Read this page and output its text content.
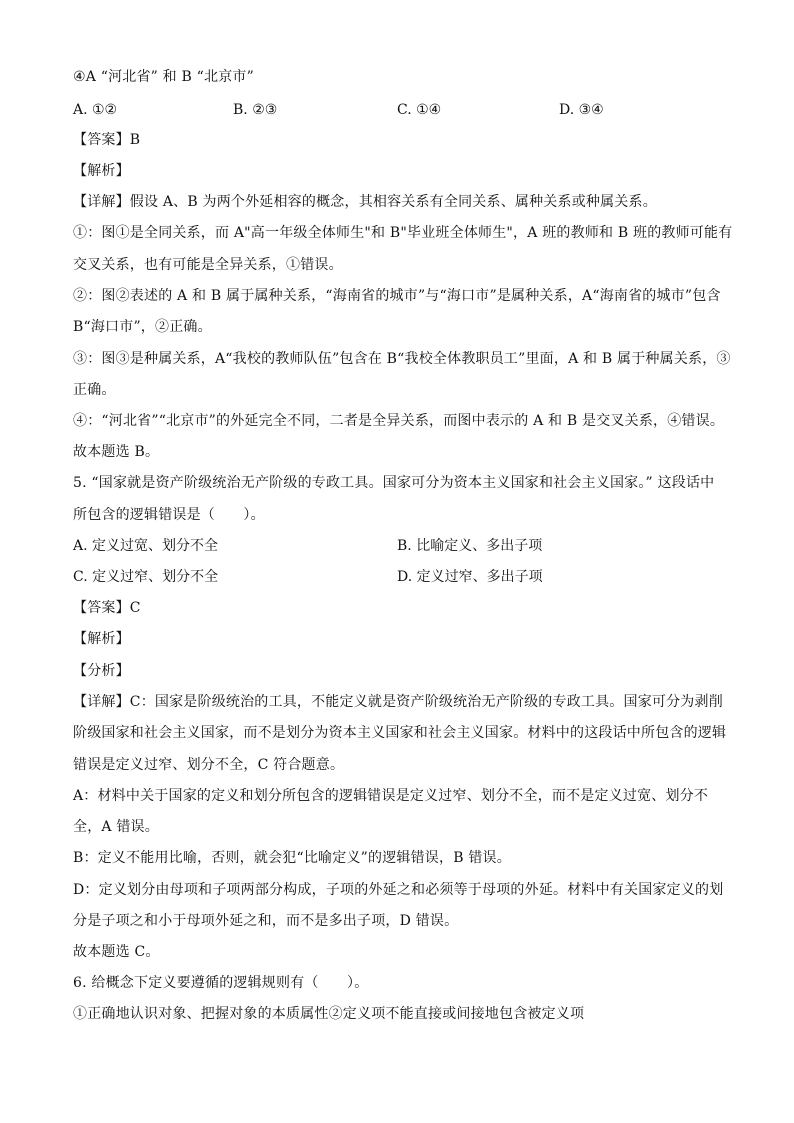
④A “河北省” 和 B “北京市”
A. ①②	B. ②③	C. ①④	D. ③④
【答案】B
【解析】
【详解】假设 A、B 为两个外延相容的概念，其相容关系有全同关系、属种关系或种属关系。
①：图①是全同关系，而 A"高一年级全体师生"和 B"毕业班全体师生"，A 班的教师和 B 班的教师可能有
交叉关系，也有可能是全异关系，①错误。
②：图②表述的 A 和 B 属于属种关系，“海南省的城市”与“海口市”是属种关系，A“海南省的城市”包含
B“海口市”，②正确。
③：图③是种属关系，A“我校的教师队伍”包含在 B“我校全体教职员工”里面，A 和 B 属于种属关系，③
正确。
④：“河北省”“北京市”的外延完全不同，二者是全异关系，而图中表示的 A 和 B 是交叉关系，④错误。
故本题选 B。
5. “国家就是资产阶级统治无产阶级的专政工具。国家可分为资本主义国家和社会主义国家。” 这段话中
所包含的逻辑错误是（　　）。
A. 定义过宽、划分不全	B. 比喻定义、多出子项
C. 定义过窄、划分不全	D. 定义过窄、多出子项
【答案】C
【解析】
【分析】
【详解】C：国家是阶级统治的工具，不能定义就是资产阶级统治无产阶级的专政工具。国家可分为剥削
阶级国家和社会主义国家，而不是划分为资本主义国家和社会主义国家。材料中的这段话中所包含的逻辑
错误是定义过窄、划分不全，C 符合题意。
A：材料中关于国家的定义和划分所包含的逻辑错误是定义过窄、划分不全，而不是定义过宽、划分不
全，A 错误。
B：定义不能用比喻，否则，就会犯“比喻定义”的逻辑错误，B 错误。
D：定义划分由母项和子项两部分构成，子项的外延之和必须等于母项的外延。材料中有关国家定义的划
分是子项之和小于母项外延之和，而不是多出子项，D 错误。
故本题选 C。
6. 给概念下定义要遵循的逻辑规则有（　　）。
①正确地认识对象、把握对象的本质属性②定义项不能直接或间接地包含被定义项
